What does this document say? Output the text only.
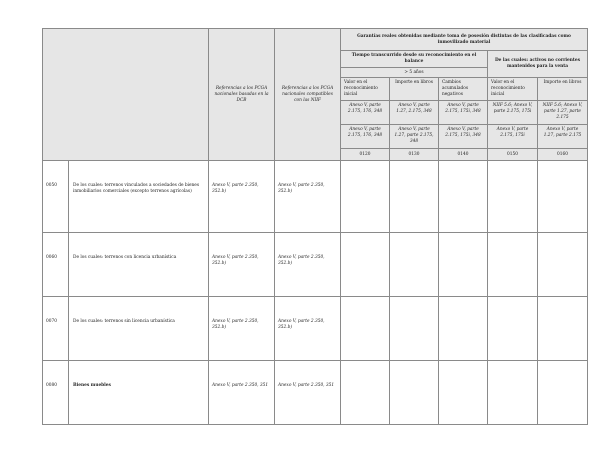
		Referencias a los PCGA nacionales basadas en la DCB	Referencias a los PCGA nacionales compatibles con las NIIF	Garantías reales obtenidas mediante toma de posesión distintas de las clasificadas como inmovilizado material				
				Tiempo transcurrido desde su reconocimiento en el balance			De las cuales: activos no corrientes mantenidos para la venta	
				> 5 años				
				Valor en el reconocimiento inicial	Importe en libros	Cambios acumulados negativos	Valor en el reconocimiento inicial	Importe en libros
				Anexo V, parte 2.175, 176, 348	Anexo V, parte 1.27, 2.175, 348	Anexo V, parte 2.175, 175i, 348	NIIF 5.6; Anexo V, parte 2.175, 175i	NIIF 5.6; Anexo V, parte 1.27, parte 2.175
				Anexo V, parte 2.175, 176, 348	Anexo V, parte 1.27, parte 2.175, 348	Anexo V, parte 2.175, 175i, 348	Anexo V, parte 2.175, 175i	Anexo V, parte 1.27, parte 2.175
				0120	0130	0140	0150	0160
0050	De los cuales: terrenos vinculados a sociedades de bienes inmobiliarios comerciales (excepto terrenos agrícolas)	Anexo V, parte 2.350, 352.b)	Anexo V, parte 2.350, 352.b)					
0060	De los cuales: terrenos con licencia urbanística	Anexo V, parte 2.350, 352.b)	Anexo V, parte 2.350, 352.b)					
0070	De los cuales: terrenos sin licencia urbanística	Anexo V, parte 2.350, 352.b)	Anexo V, parte 2.350, 352.b)					
0080	Bienes muebles	Anexo V, parte 2.350, 351	Anexo V, parte 2.350, 351					
